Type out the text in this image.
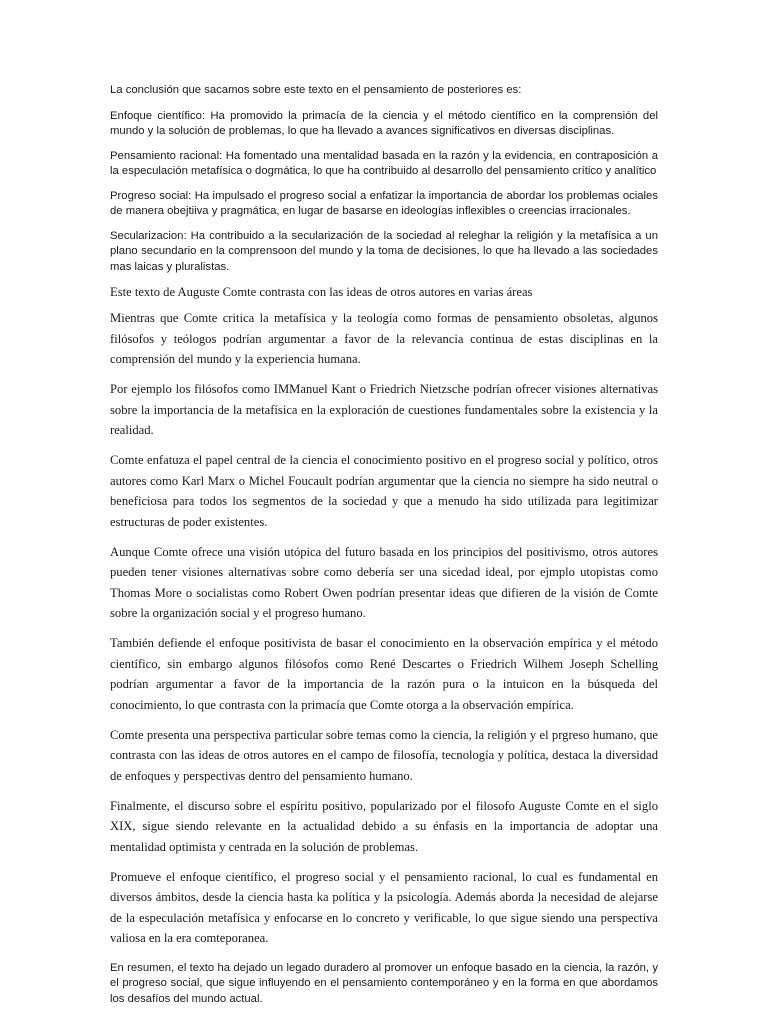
La conclusión que sacamos sobre este texto en el pensamiento de posteriores es:

Enfoque científico: Ha promovido la primacía de la ciencia y el método científico en la comprensión del mundo y la solución de problemas, lo que ha llevado a avances significativos en diversas disciplinas.

Pensamiento racional: Ha fomentado una mentalidad basada en la razón y la evidencia, en contraposición a la especulación metafísica o dogmática, lo que ha contribuido al desarrollo del pensamiento crítico y analítico

Progreso social: Ha impulsado el progreso social a enfatizar la importancia de abordar los problemas ociales de manera obejtiiva y pragmática, en lugar de basarse en ideologías inflexibles o creencias irracionales.

Secularizacion: Ha contribuido a la secularización de la sociedad al releghar la religión y la metafísica a un plano secundario en la comprensoon del mundo y la toma de decisiones, lo que ha llevado a las sociedades mas laicas y pluralistas.

Este texto de Auguste Comte contrasta con las ideas de otros autores en varias áreas

Mientras que Comte critica la metafísica y la teología como formas de pensamiento obsoletas, algunos filósofos y teólogos podrían argumentar a favor de la relevancia continua de estas disciplinas en la comprensión del mundo y la experiencia humana.

Por ejemplo los filósofos como IMManuel Kant o Friedrich Nietzsche podrían ofrecer visiones alternativas sobre la importancia de la metafísica en la exploración de cuestiones fundamentales sobre la existencia y la realidad.

Comte enfatuza el papel central de la ciencia el conocimiento positivo en el progreso social y político, otros autores como Karl Marx o Michel Foucault podrían argumentar que la ciencia no siempre ha sido neutral o beneficiosa para todos los segmentos de la sociedad y que a menudo ha sido utilizada para legitimizar estructuras de poder existentes.

Aunque Comte ofrece una visión utópica del futuro basada en los principios del positivismo, otros autores pueden tener visiones alternativas sobre como debería ser una sicedad ideal, por ejmplo utopistas como Thomas More o socialistas como Robert Owen podrían presentar ideas que difieren de la visión de Comte sobre la organización social y el progreso humano.

También defiende el enfoque positivista de basar el conocimiento en la observación empírica y el método científico, sin embargo algunos filósofos como René Descartes o Friedrich Wilhem Joseph Schelling podrían argumentar a favor de la importancia de la razón pura o la intuicon en la búsqueda del conocimiento, lo que contrasta con la primacía que Comte otorga a la observación empírica.

Comte presenta una perspectiva particular sobre temas como la ciencia, la religión y el prgreso humano, que contrasta con las ideas de otros autores en el campo de filosofía, tecnología y política, destaca la diversidad de enfoques y perspectivas dentro del pensamiento humano.

Finalmente, el discurso sobre el espíritu positivo, popularizado por el filosofo Auguste Comte en el siglo XIX, sigue siendo relevante en la actualidad debido a su énfasis en la importancia de adoptar una mentalidad optimista y centrada en la solución de problemas.

Promueve el enfoque científico, el progreso social y el pensamiento racional, lo cual es fundamental en diversos ámbitos, desde la ciencia hasta ka política y la psicología. Además aborda la necesidad de alejarse de la especulación metafísica y enfocarse en lo concreto y verificable, lo que sigue siendo una perspectiva valiosa en la era comteporanea.

En resumen, el texto ha dejado un legado duradero al promover un enfoque basado en la ciencia, la razón, y el progreso social, que sigue influyendo en el pensamiento contemporáneo y en la forma en que abordamos los desafíos del mundo actual.
